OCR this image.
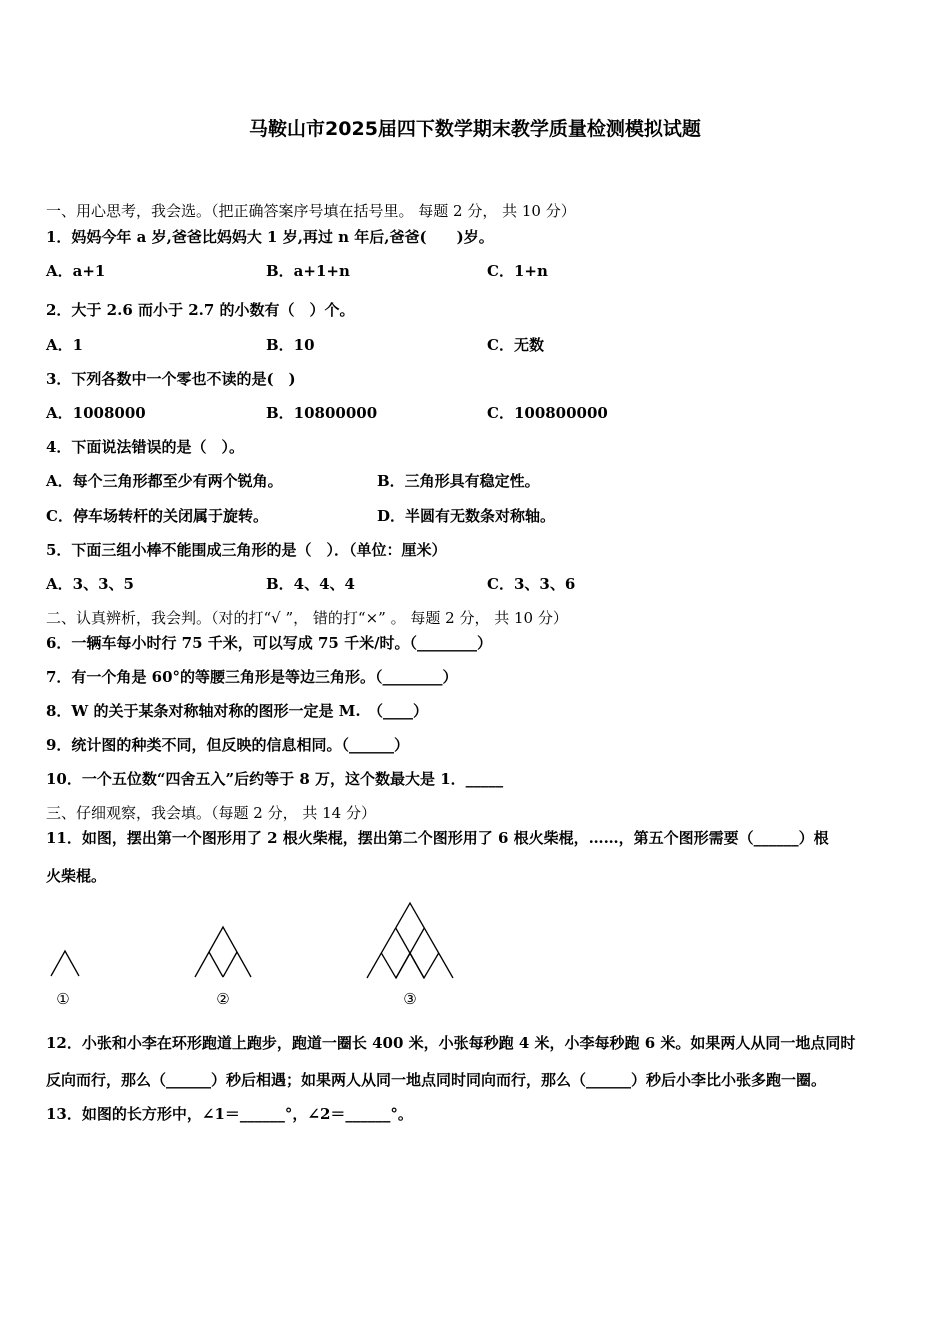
马鞍山市2025届四下数学期末教学质量检测模拟试题
一、用心思考，我会选。（把正确答案序号填在括号里。 每题 2 分， 共 10 分）
1．妈妈今年 a 岁,爸爸比妈妈大 1 岁,再过 n 年后,爸爸(　　)岁。
A．a+1	B．a+1+n	C．1+n
2．大于 2.6 而小于 2.7 的小数有（　）个。
A．1	B．10	C．无数
3．下列各数中一个零也不读的是(　)
A．1008000	B．10800000	C．100800000
4．下面说法错误的是（　）。
A．每个三角形都至少有两个锐角。	B．三角形具有稳定性。
C．停车场转杆的关闭属于旋转。	D．半圆有无数条对称轴。
5．下面三组小棒不能围成三角形的是（　）．（单位：厘米）
A．3、3、5	B．4、4、4	C．3、3、6
二、认真辨析，我会判。（对的打“√ ”， 错的打“×” 。 每题 2 分， 共 10 分）
6．一辆车每小时行 75 千米，可以写成 75 千米/时。（________）
7．有一个角是 60°的等腰三角形是等边三角形。（________）
8．W 的关于某条对称轴对称的图形一定是 M.　（____）
9．统计图的种类不同，但反映的信息相同。（______）
10．一个五位数“四舍五入”后约等于 8 万，这个数最大是 1．_____
三、仔细观察，我会填。（每题 2 分， 共 14 分）
11．如图，摆出第一个图形用了 2 根火柴棍，摆出第二个图形用了 6 根火柴棍，……，第五个图形需要（______）根
火柴棍。
①	②	③
12．小张和小李在环形跑道上跑步，跑道一圈长 400 米，小张每秒跑 4 米，小李每秒跑 6 米。如果两人从同一地点同时
反向而行，那么（______）秒后相遇；如果两人从同一地点同时同向而行，那么（______）秒后小李比小张多跑一圈。
13．如图的长方形中，∠1＝______°，∠2＝______°。
